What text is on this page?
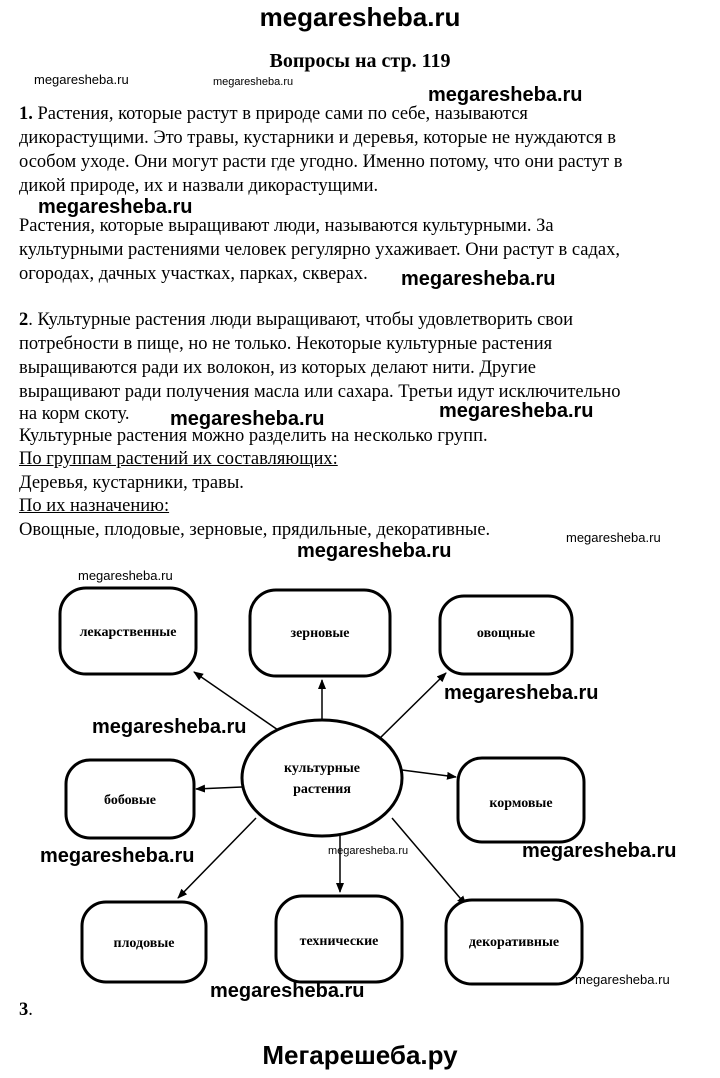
megaresheba.ru
Вопросы на стр. 119
megaresheba.ru	megaresheba.ru
megaresheba.ru
1. Растения, которые растут в природе сами по себе, называются
дикорастущими. Это травы, кустарники и деревья, которые не нуждаются в
особом уходе. Они могут расти где угодно. Именно потому, что они растут в
дикой природе, их и назвали дикорастущими.
megaresheba.ru
Растения, которые выращивают люди, называются культурными. За
культурными растениями человек регулярно ухаживает. Они растут в садах,
огородах, дачных участках, парках, скверах. megaresheba.ru
2. Культурные растения люди выращивают, чтобы удовлетворить свои
потребности в пище, но не только. Некоторые культурные растения
выращиваются ради их волокон, из которых делают нити. Другие
выращивают ради получения масла или сахара. Третьи идут исключительно
на корм скоту. megaresheba.ru	megaresheba.ru
Культурные растения можно разделить на несколько групп.
По группам растений их составляющих:
Деревья, кустарники, травы.
По их назначению:
Овощные, плодовые, зерновые, прядильные, декоративные.	megaresheba.ru
megaresheba.ru
культурные
растения
лекарственные	зерновые	овощные
бобовые	кормовые
плодовые	технические	декоративные
megaresheba.ru
megaresheba.ru
megaresheba.ru
megaresheba.ru
megaresheba.ru	megaresheba.ru
megaresheba.ru
megaresheba.ru
3.
Мегарешеба.ру
